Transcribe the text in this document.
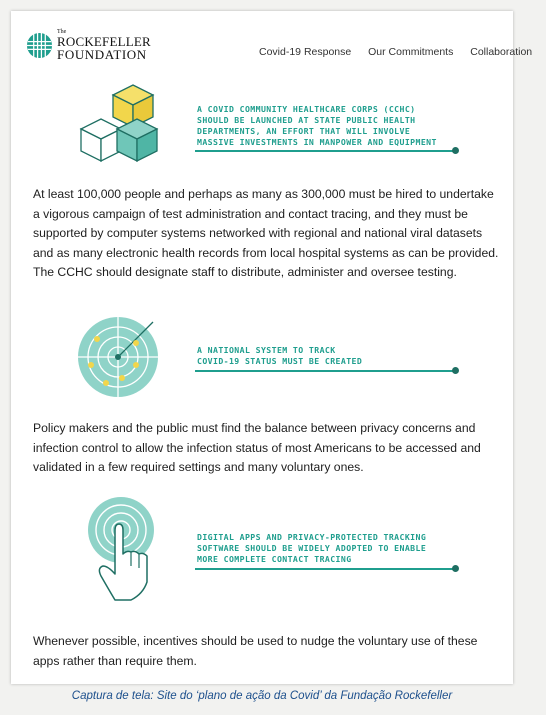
The
ROCKEFELLER
FOUNDATION	Covid-19 Response Our Commitments Collaboration
A COVID COMMUNITY HEALTHCARE CORPS (CCHC)
SHOULD BE LAUNCHED AT STATE PUBLIC HEALTH
DEPARTMENTS, AN EFFORT THAT WILL INVOLVE
MASSIVE INVESTMENTS IN MANPOWER AND EQUIPMENT
At least 100,000 people and perhaps as many as 300,000 must be hired to undertake a vigorous campaign of test administration and contact tracing, and they must be supported by computer systems networked with regional and national viral datasets and as many electronic health records from local hospital systems as can be provided. The CCHC should designate staff to distribute, administer and oversee testing.
A NATIONAL SYSTEM TO TRACK
COVID-19 STATUS MUST BE CREATED
Policy makers and the public must find the balance between privacy concerns and infection control to allow the infection status of most Americans to be accessed and validated in a few required settings and many voluntary ones.
DIGITAL APPS AND PRIVACY-PROTECTED TRACKING
SOFTWARE SHOULD BE WIDELY ADOPTED TO ENABLE
MORE COMPLETE CONTACT TRACING
Whenever possible, incentives should be used to nudge the voluntary use of these apps rather than require them.
Captura de tela: Site do ‘plano de ação da Covid’ da Fundação Rockefeller
